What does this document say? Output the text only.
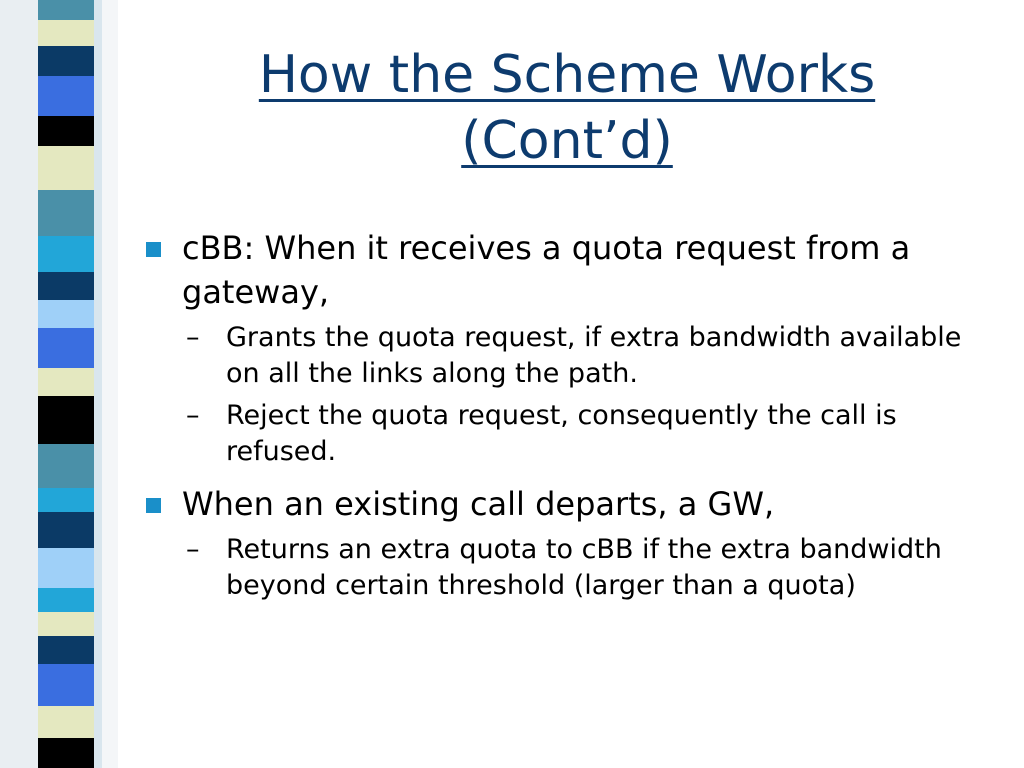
How the Scheme Works
(Cont’d)
cBB: When it receives a quota request from a gateway,
– Grants the quota request, if extra bandwidth available on all the links along the path.
– Reject the quota request, consequently the call is refused.
When an existing call departs, a GW,
– Returns an extra quota to cBB if the extra bandwidth beyond certain threshold (larger than a quota)
